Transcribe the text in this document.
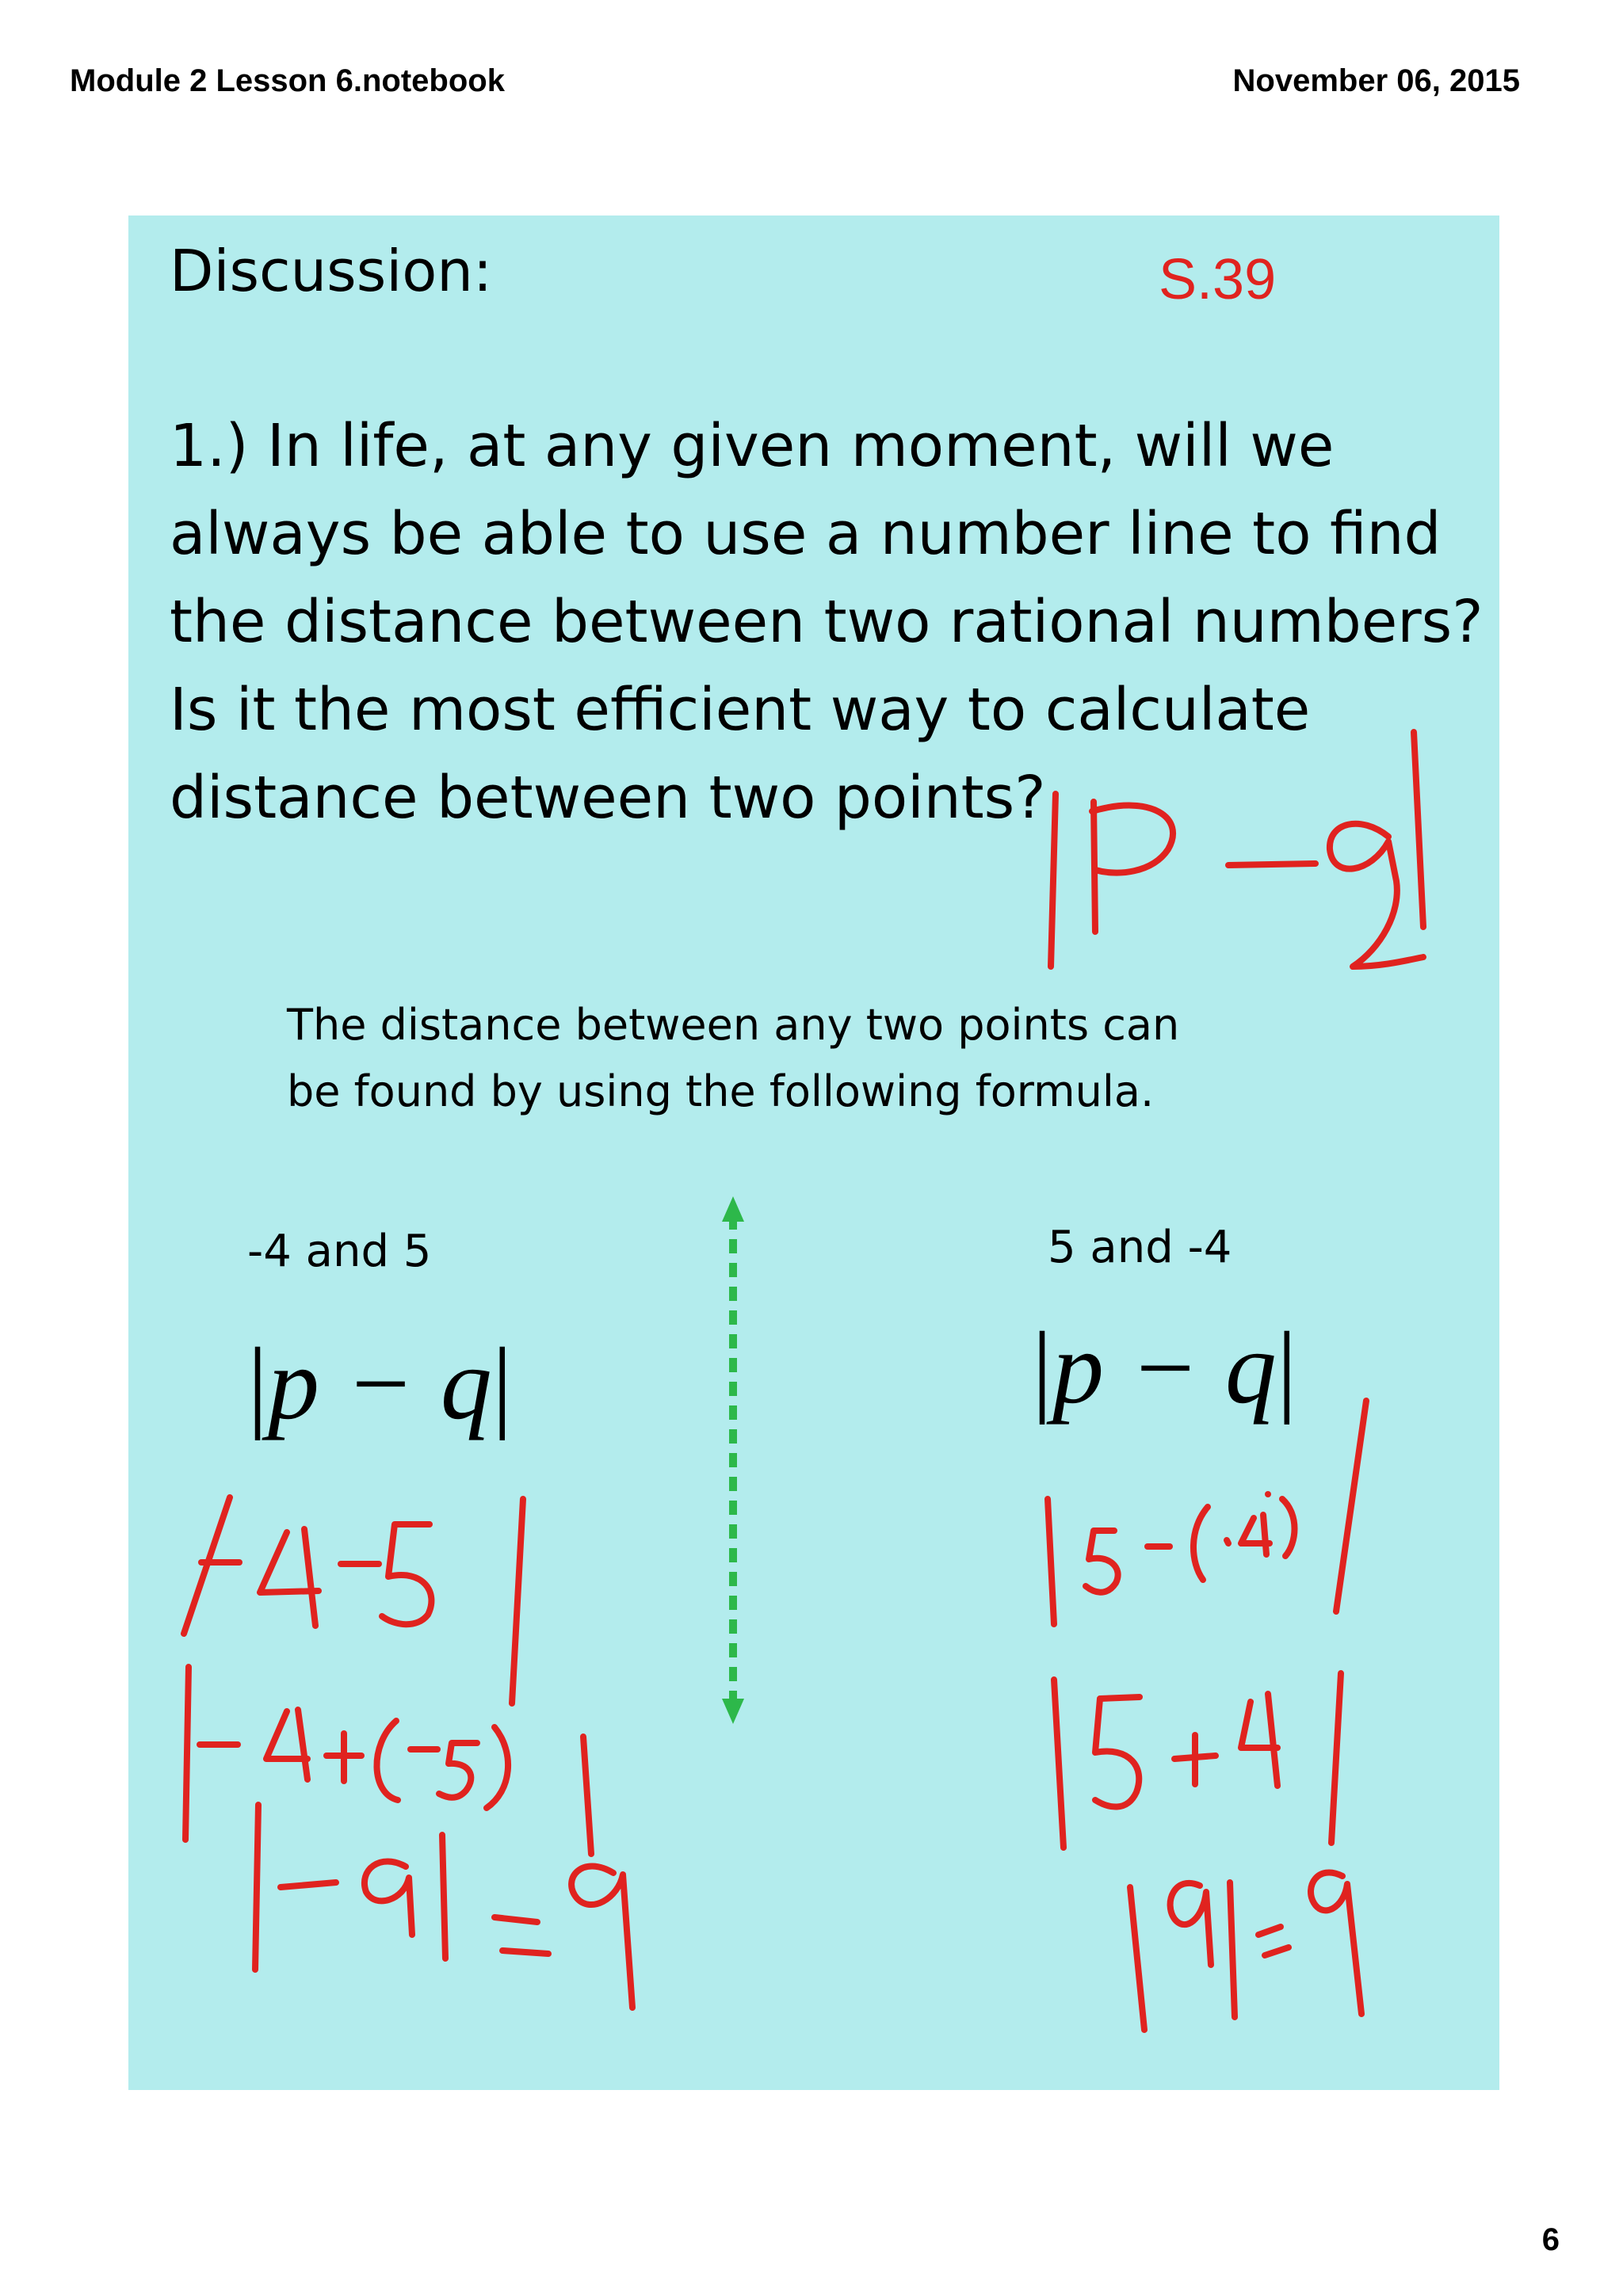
Module 2 Lesson 6.notebook	November 06, 2015
Discussion:	S.39
1.) In life, at any given moment, will we
always be able to use a number line to find
the distance between two rational numbers?
Is it the most efficient way to calculate
distance between two points?
The distance between any two points can
be found by using the following formula.
-4 and 5	5 and -4
|p − q|	|p − q|
6
